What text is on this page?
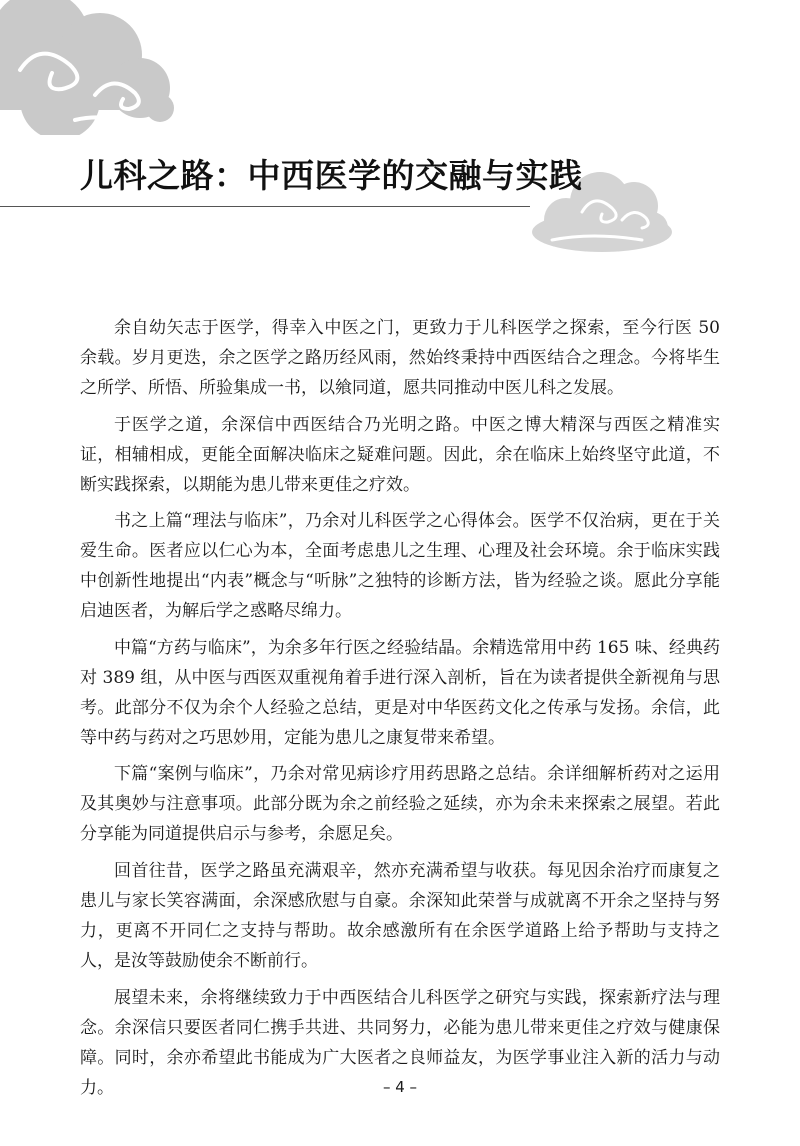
儿科之路：中西医学的交融与实践

余自幼矢志于医学，得幸入中医之门，更致力于儿科医学之探索，至今行医 50 余载。岁月更迭，余之医学之路历经风雨，然始终秉持中西医结合之理念。今将毕生之所学、所悟、所验集成一书，以飨同道，愿共同推动中医儿科之发展。

于医学之道，余深信中西医结合乃光明之路。中医之博大精深与西医之精准实证，相辅相成，更能全面解决临床之疑难问题。因此，余在临床上始终坚守此道，不断实践探索，以期能为患儿带来更佳之疗效。

书之上篇“理法与临床”，乃余对儿科医学之心得体会。医学不仅治病，更在于关爱生命。医者应以仁心为本，全面考虑患儿之生理、心理及社会环境。余于临床实践中创新性地提出“内表”概念与“听脉”之独特的诊断方法，皆为经验之谈。愿此分享能启迪医者，为解后学之惑略尽绵力。

中篇“方药与临床”，为余多年行医之经验结晶。余精选常用中药 165 味、经典药对 389 组，从中医与西医双重视角着手进行深入剖析，旨在为读者提供全新视角与思考。此部分不仅为余个人经验之总结，更是对中华医药文化之传承与发扬。余信，此等中药与药对之巧思妙用，定能为患儿之康复带来希望。

下篇“案例与临床”，乃余对常见病诊疗用药思路之总结。余详细解析药对之运用及其奥妙与注意事项。此部分既为余之前经验之延续，亦为余未来探索之展望。若此分享能为同道提供启示与参考，余愿足矣。

回首往昔，医学之路虽充满艰辛，然亦充满希望与收获。每见因余治疗而康复之患儿与家长笑容满面，余深感欣慰与自豪。余深知此荣誉与成就离不开余之坚持与努力，更离不开同仁之支持与帮助。故余感激所有在余医学道路上给予帮助与支持之人，是汝等鼓励使余不断前行。

展望未来，余将继续致力于中西医结合儿科医学之研究与实践，探索新疗法与理念。余深信只要医者同仁携手共进、共同努力，必能为患儿带来更佳之疗效与健康保障。同时，余亦希望此书能成为广大医者之良师益友，为医学事业注入新的活力与动力。	– 4 –
